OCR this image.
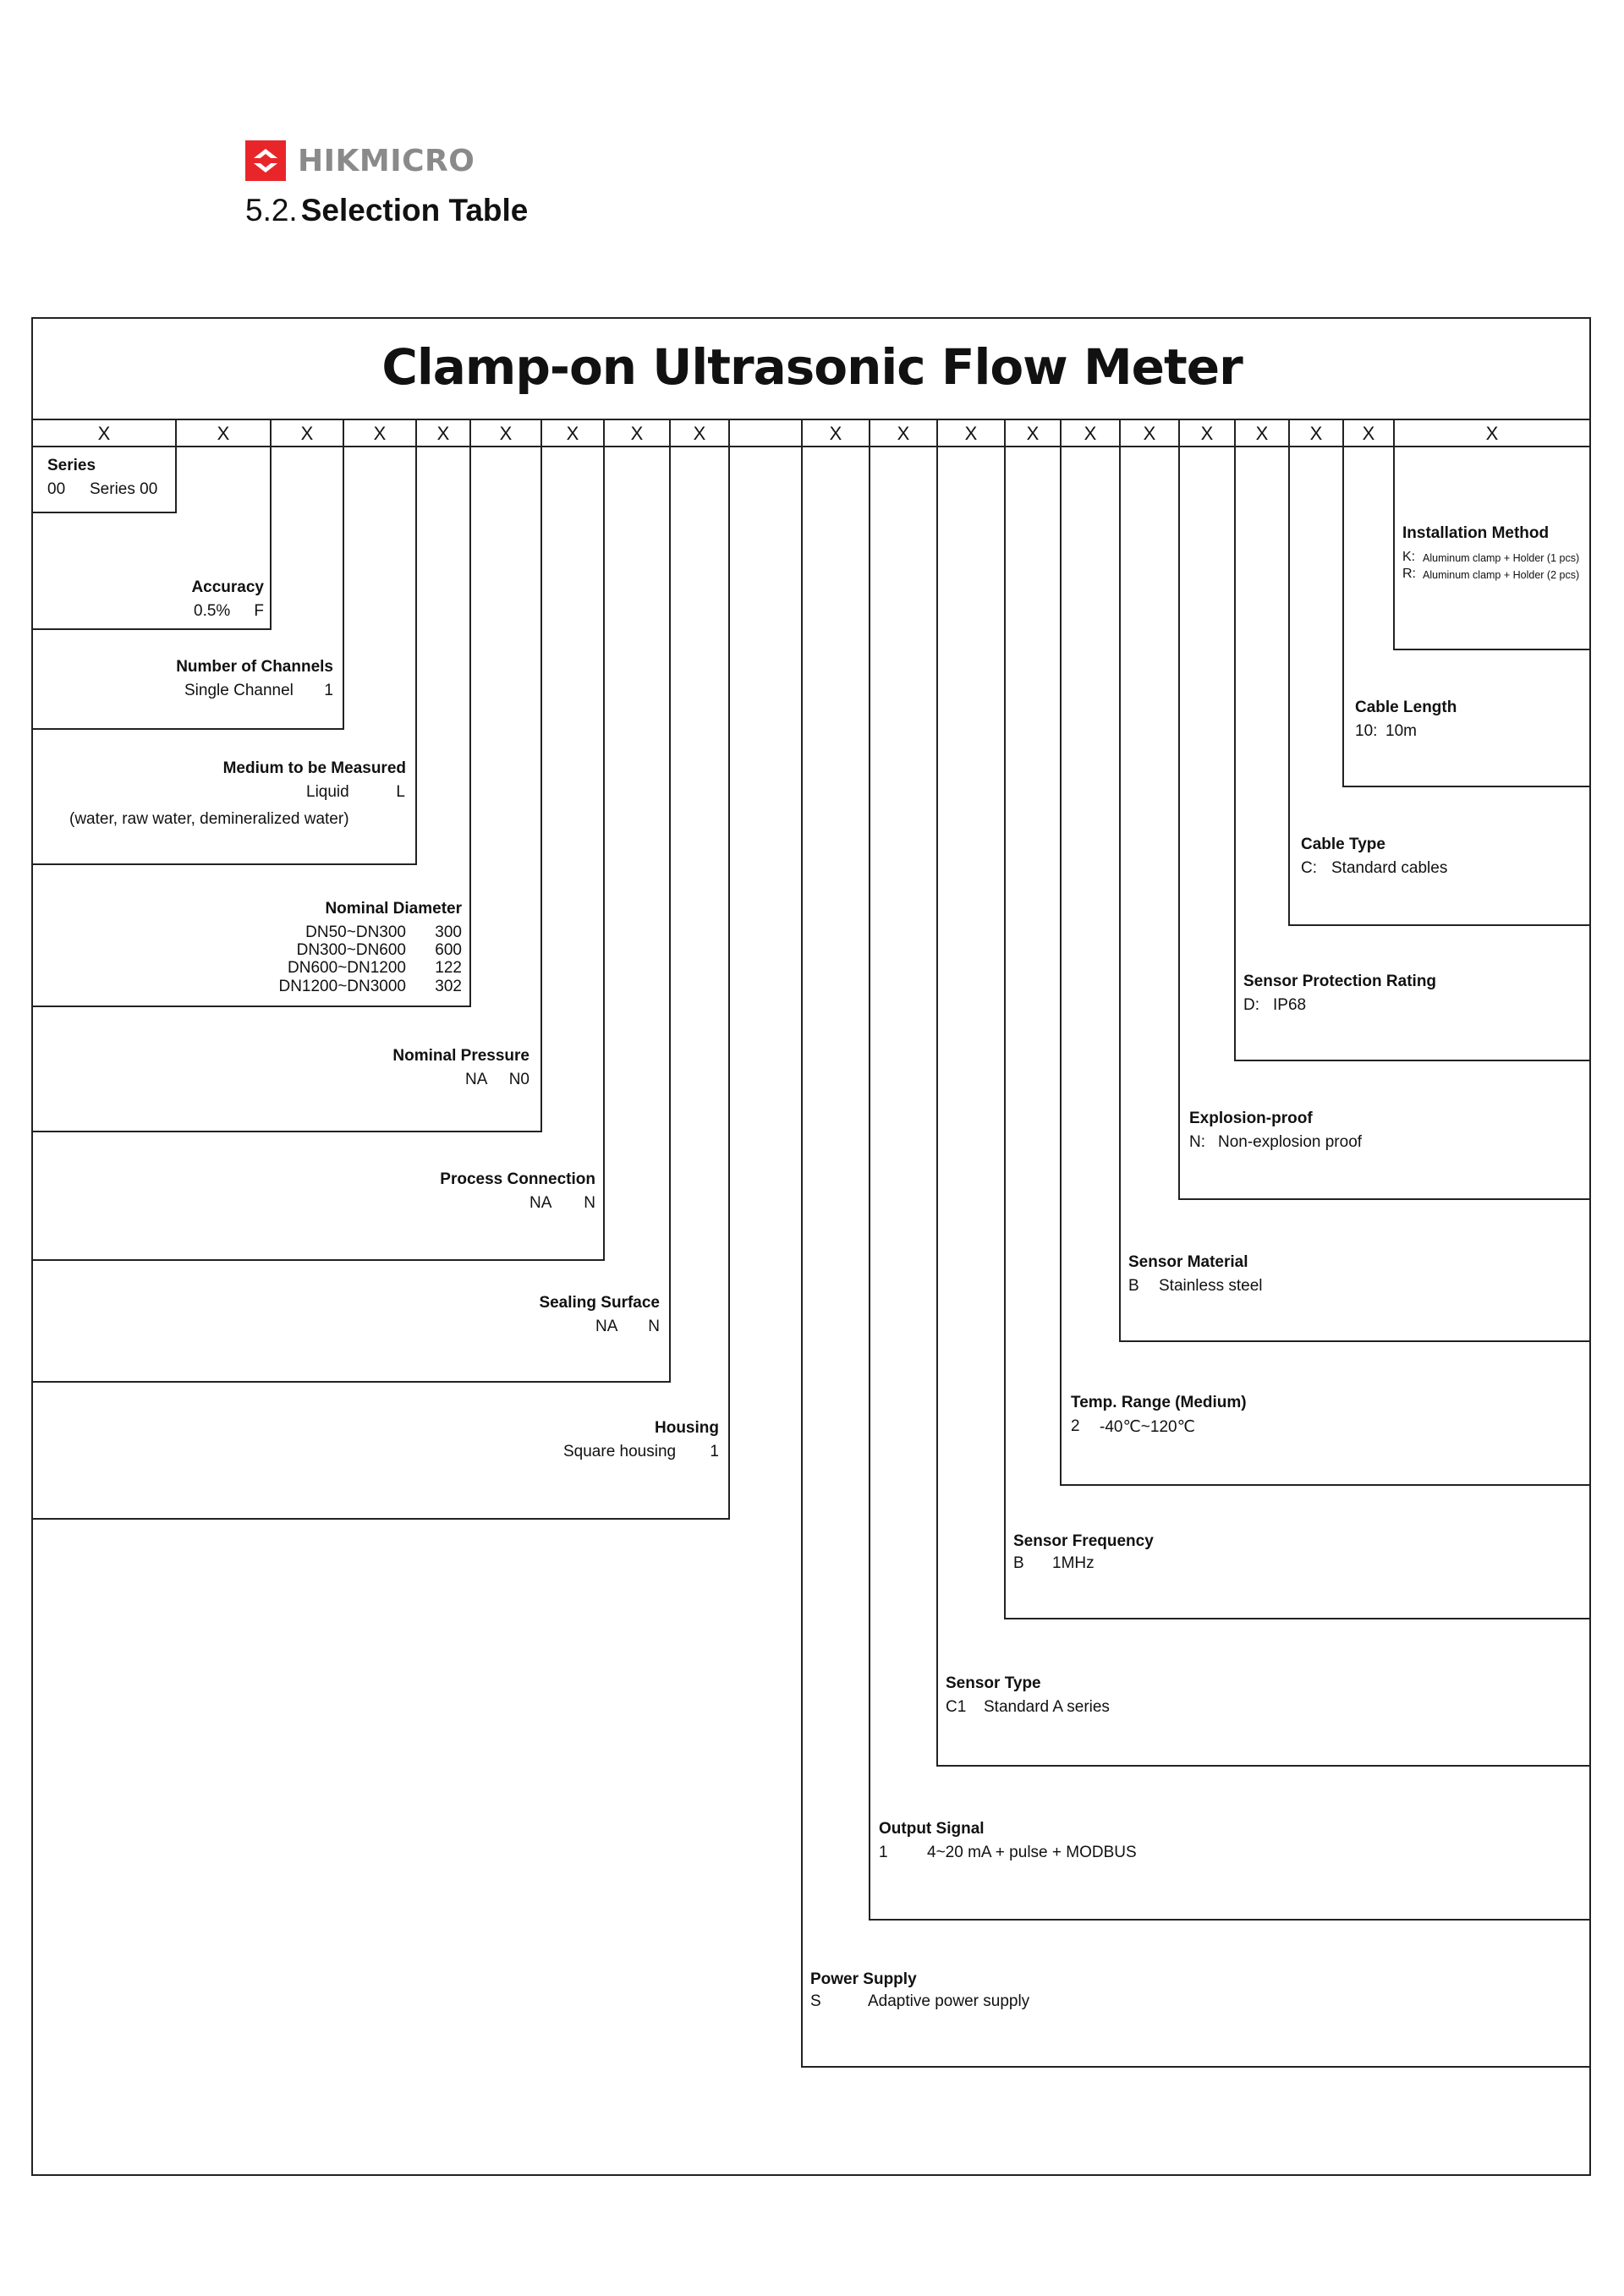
HIKMICRO
5.2. Selection Table
Clamp-on Ultrasonic Flow Meter
X	X	X	X	X	X	X	X	X	X	X	X	X	X	X	X	X	X	X	X
Series
00 Series 00
Accuracy
0.5% F
Number of Channels
Single Channel 1
Medium to be Measured
Liquid	L
(water, raw water, demineralized water)
Nominal Diameter
DN50~DN300 300
DN300~DN600 600
DN600~DN1200 122
DN1200~DN3000 302
Nominal Pressure
NA N0
Process Connection
NA N
Sealing Surface
NA N
Housing
Square housing 1
Installation Method
K: Aluminum clamp + Holder (1 pcs)
R: Aluminum clamp + Holder (2 pcs)
Cable Length
10: 10m
Cable Type
C: Standard cables
Sensor Protection Rating
D: IP68
Explosion-proof
N: Non-explosion proof
Sensor Material
B Stainless steel
Temp. Range (Medium)
2 -40℃~120℃
Sensor Frequency
B 1MHz
Sensor Type
C1 Standard A series
Output Signal
1 4~20 mA + pulse + MODBUS
Power Supply
S	Adaptive power supply
